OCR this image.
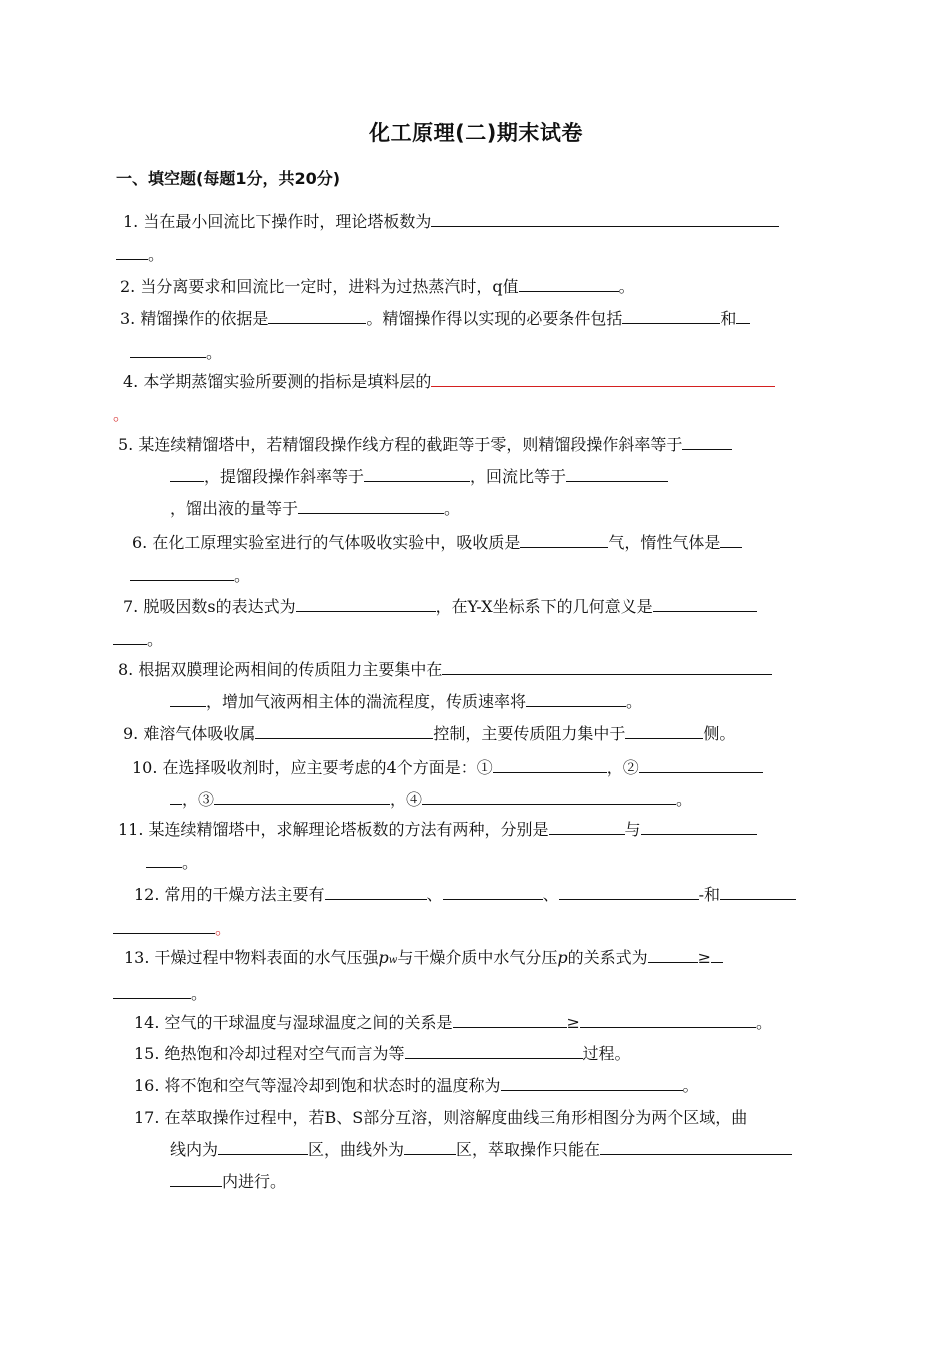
化工原理(二)期末试卷
一、填空题(每题1分，共20分)
1. 当在最小回流比下操作时，理论塔板数为
。
2. 当分离要求和回流比一定时，进料为过热蒸汽时，q值	。
3. 精馏操作的依据是	。精馏操作得以实现的必要条件包括	和
。
4. 本学期蒸馏实验所要测的指标是填料层的
。
5. 某连续精馏塔中，若精馏段操作线方程的截距等于零，则精馏段操作斜率等于
，提馏段操作斜率等于	，回流比等于
，馏出液的量等于	。
6. 在化工原理实验室进行的气体吸收实验中，吸收质是	气，惰性气体是
。
7. 脱吸因数s的表达式为	，在Y-X坐标系下的几何意义是
。
8. 根据双膜理论两相间的传质阻力主要集中在
，增加气液两相主体的湍流程度，传质速率将	。
9. 难溶气体吸收属	控制，主要传质阻力集中于	侧。
10. 在选择吸收剂时，应主要考虑的4个方面是：①	，②
，③	，④	。
11. 某连续精馏塔中，求解理论塔板数的方法有两种，分别是	与
。
12. 常用的干燥方法主要有	、	、	-和
。
13. 干燥过程中物料表面的水气压强pw与干燥介质中水气分压p的关系式为	≥
。
14. 空气的干球温度与湿球温度之间的关系是	≥	。
15. 绝热饱和冷却过程对空气而言为等	过程。
16. 将不饱和空气等湿冷却到饱和状态时的温度称为	。
17. 在萃取操作过程中，若B、S部分互溶，则溶解度曲线三角形相图分为两个区域，曲
线内为	区，曲线外为	区，萃取操作只能在
内进行。
